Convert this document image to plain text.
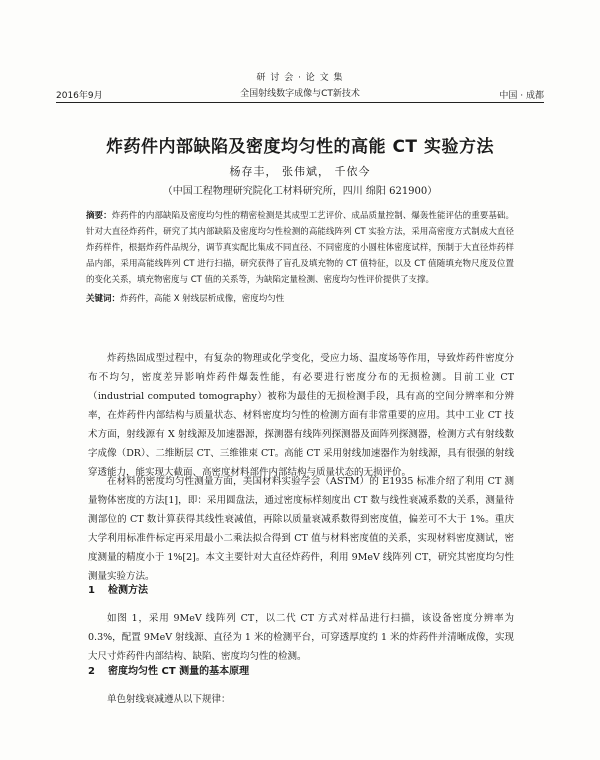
2016年9月
研 讨 会 · 论 文 集
全国射线数字成像与CT新技术	中国 · 成都
炸药件内部缺陷及密度均匀性的高能 CT 实验方法
杨存丰， 张伟斌， 千依今
（中国工程物理研究院化工材料研究所，四川 绵阳 621900）
摘要：炸药件的内部缺陷及密度均匀性的精密检测是其成型工艺评价、成品质量控制、爆轰性能评估的重要基础。针对大直径炸药件，研究了其内部缺陷及密度均匀性检测的高能线阵列 CT 实验方法，采用高密度方式制成大直径炸药样件，根据炸药件品规分，调节真实配比集成不同直径、不同密度的小圆柱体密度试样，预制于大直径炸药样品内部，采用高能线阵列 CT 进行扫描，研究获得了盲孔及填充物的 CT 值特征，以及 CT 值随填充物尺度及位置的变化关系，填充物密度与 CT 值的关系等，为缺陷定量检测、密度均匀性评价提供了支撑。
关键词：炸药件，高能 X 射线层析成像，密度均匀性
炸药热固成型过程中，有复杂的物理或化学变化，受应力场、温度场等作用，导致炸药件密度分布不均匀，密度差异影响炸药件爆轰性能，有必要进行密度分布的无损检测。目前工业 CT（industrial computed tomography）被称为最佳的无损检测手段，具有高的空间分辨率和分辨率，在炸药件内部结构与质量状态、材料密度均匀性的检测方面有非常重要的应用。其中工业 CT 技术方面，射线源有 X 射线源及加速器源，探测器有线阵列探测器及面阵列探测器，检测方式有射线数字成像（DR）、二维断层 CT、三维锥束 CT。高能 CT 采用射线加速器作为射线源，具有很强的射线穿透能力，能实现大截面、高密度材料部件内部结构与质量状态的无损评价。
在材料的密度均匀性测量方面，美国材料实验学会（ASTM）的 E1935 标准介绍了利用 CT 测量物体密度的方法[1]，即：采用圆盘法，通过密度标样刻度出 CT 数与线性衰减系数的关系，测量待测部位的 CT 数计算获得其线性衰减值，再除以质量衰减系数得到密度值，偏差可不大于 1%。重庆大学利用标准件标定再采用最小二乘法拟合得到 CT 值与材料密度值的关系，实现材料密度测试，密度测量的精度小于 1%[2]。本文主要针对大直径炸药件，利用 9MeV 线阵列 CT，研究其密度均匀性测量实验方法。
1 检测方法
如图 1，采用 9MeV 线阵列 CT，以二代 CT 方式对样品进行扫描，该设备密度分辨率为 0.3%，配置 9MeV 射线源、直径为 1 米的检测平台，可穿透厚度约 1 米的炸药件并清晰成像，实现大尺寸炸药件内部结构、缺陷、密度均匀性的检测。
2 密度均匀性 CT 测量的基本原理
单色射线衰减遵从以下规律：
